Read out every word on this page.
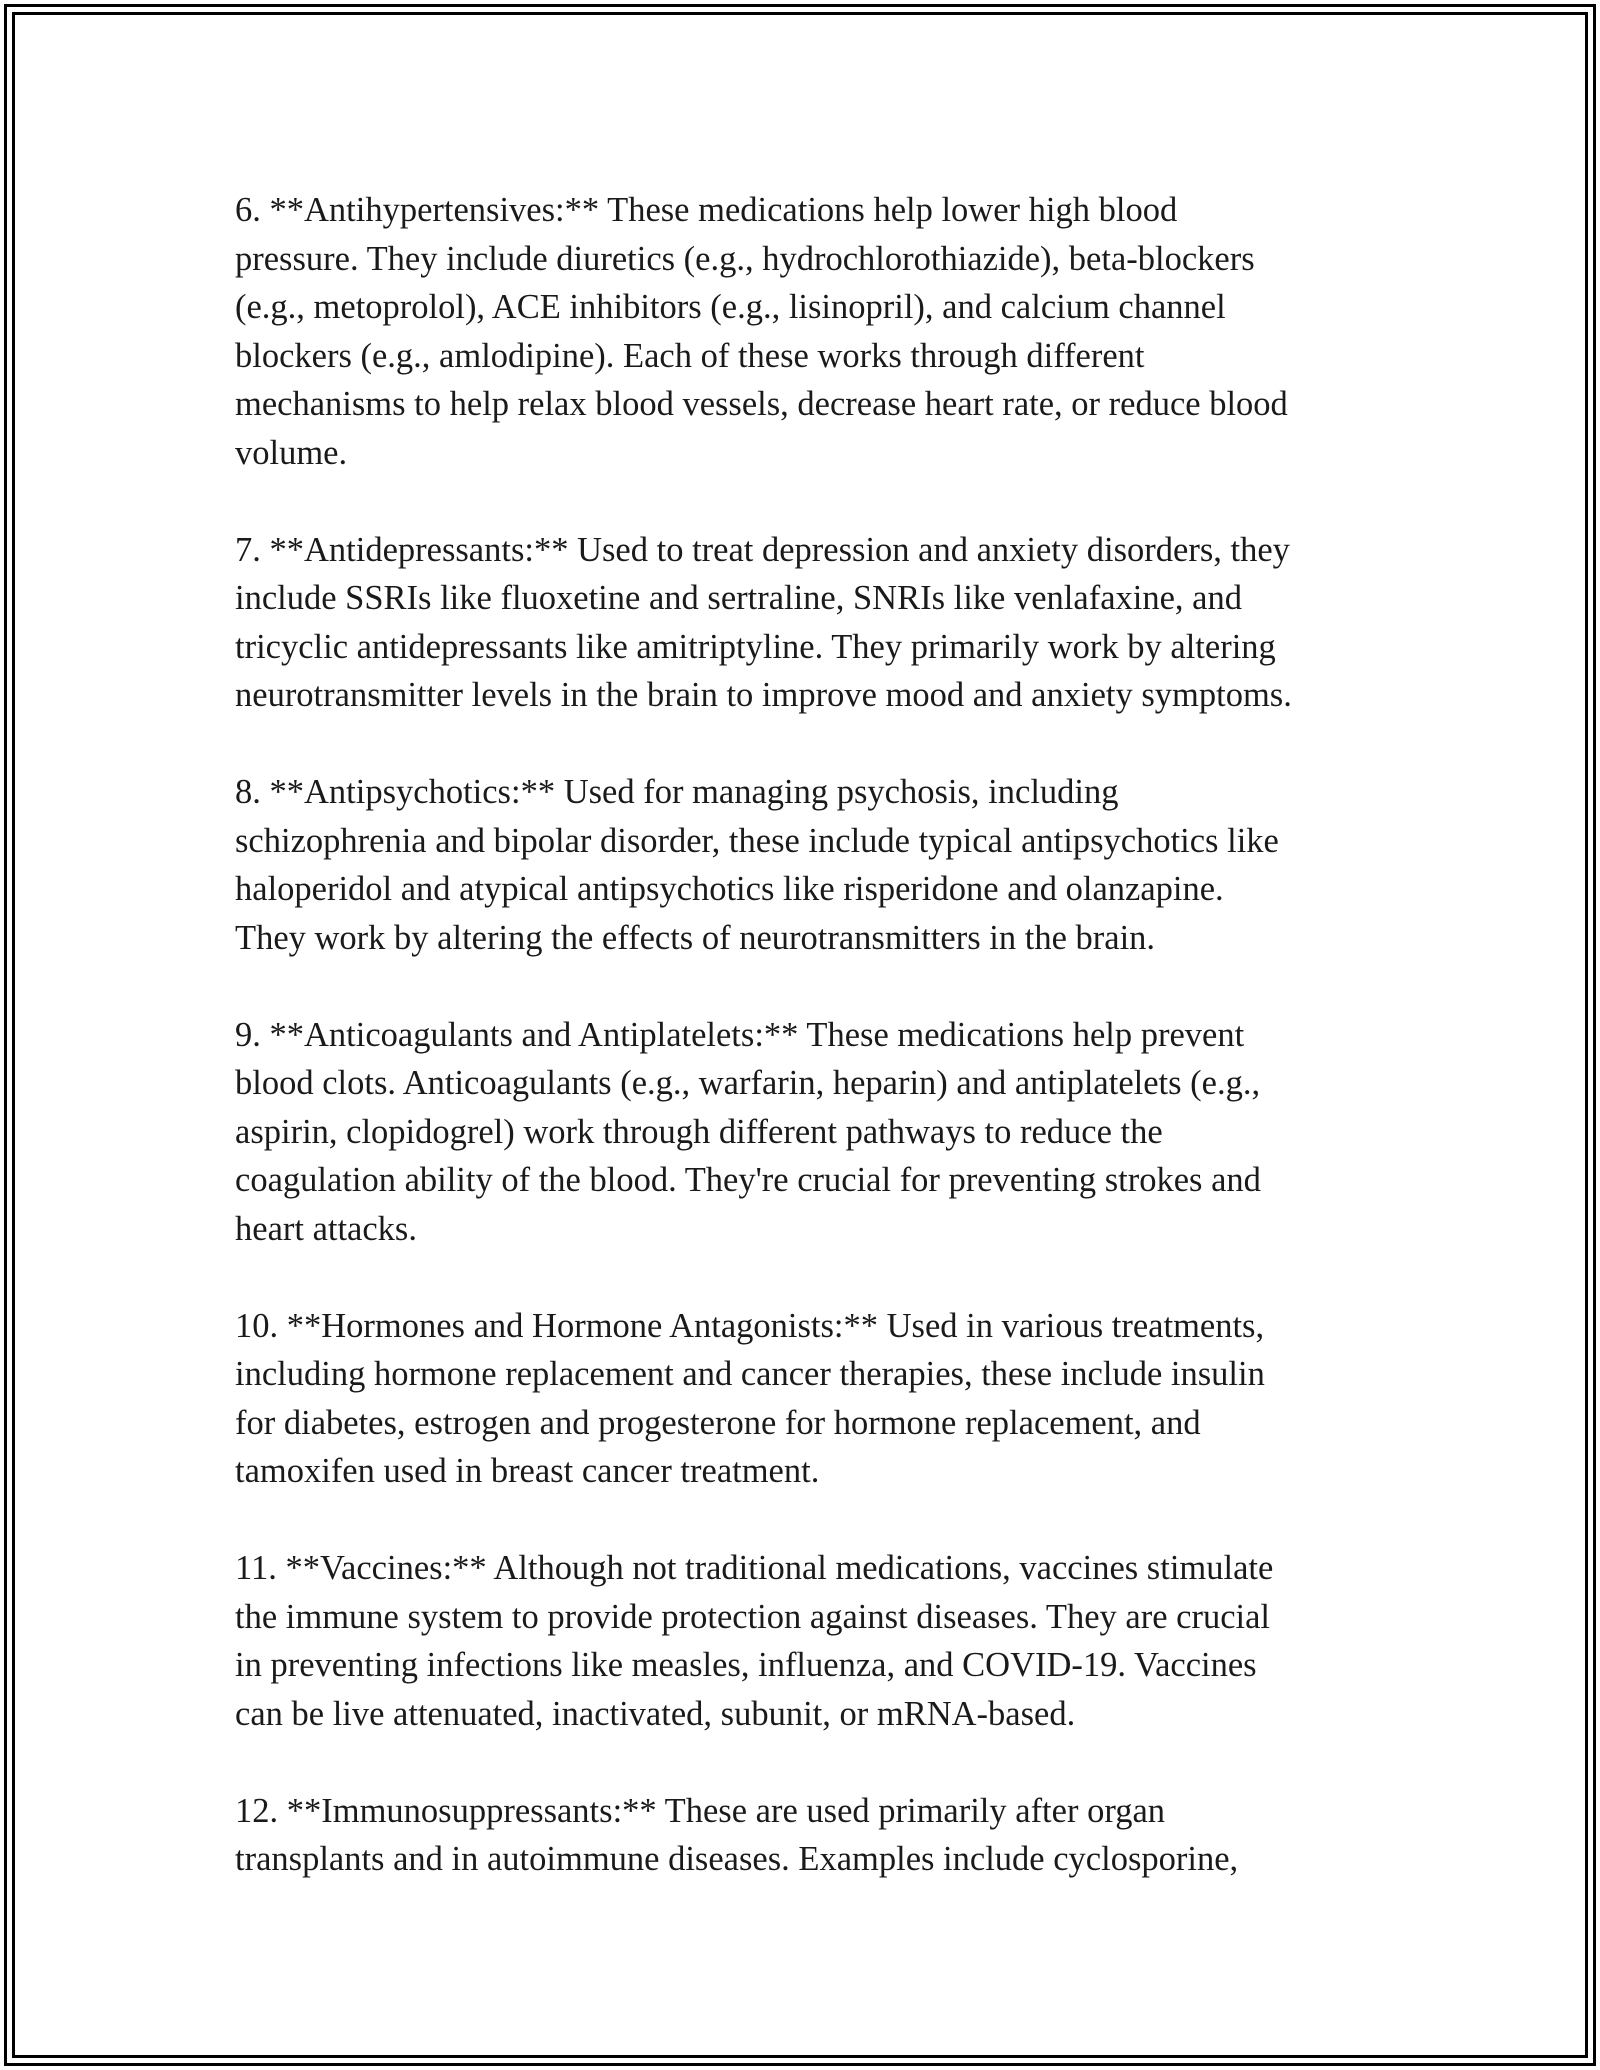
6. **Antihypertensives:** These medications help lower high blood
pressure. They include diuretics (e.g., hydrochlorothiazide), beta-blockers
(e.g., metoprolol), ACE inhibitors (e.g., lisinopril), and calcium channel
blockers (e.g., amlodipine). Each of these works through different
mechanisms to help relax blood vessels, decrease heart rate, or reduce blood
volume.

7. **Antidepressants:** Used to treat depression and anxiety disorders, they
include SSRIs like fluoxetine and sertraline, SNRIs like venlafaxine, and
tricyclic antidepressants like amitriptyline. They primarily work by altering
neurotransmitter levels in the brain to improve mood and anxiety symptoms.

8. **Antipsychotics:** Used for managing psychosis, including
schizophrenia and bipolar disorder, these include typical antipsychotics like
haloperidol and atypical antipsychotics like risperidone and olanzapine.
They work by altering the effects of neurotransmitters in the brain.

9. **Anticoagulants and Antiplatelets:** These medications help prevent
blood clots. Anticoagulants (e.g., warfarin, heparin) and antiplatelets (e.g.,
aspirin, clopidogrel) work through different pathways to reduce the
coagulation ability of the blood. They're crucial for preventing strokes and
heart attacks.

10. **Hormones and Hormone Antagonists:** Used in various treatments,
including hormone replacement and cancer therapies, these include insulin
for diabetes, estrogen and progesterone for hormone replacement, and
tamoxifen used in breast cancer treatment.

11. **Vaccines:** Although not traditional medications, vaccines stimulate
the immune system to provide protection against diseases. They are crucial
in preventing infections like measles, influenza, and COVID-19. Vaccines
can be live attenuated, inactivated, subunit, or mRNA-based.

12. **Immunosuppressants:** These are used primarily after organ
transplants and in autoimmune diseases. Examples include cyclosporine,
